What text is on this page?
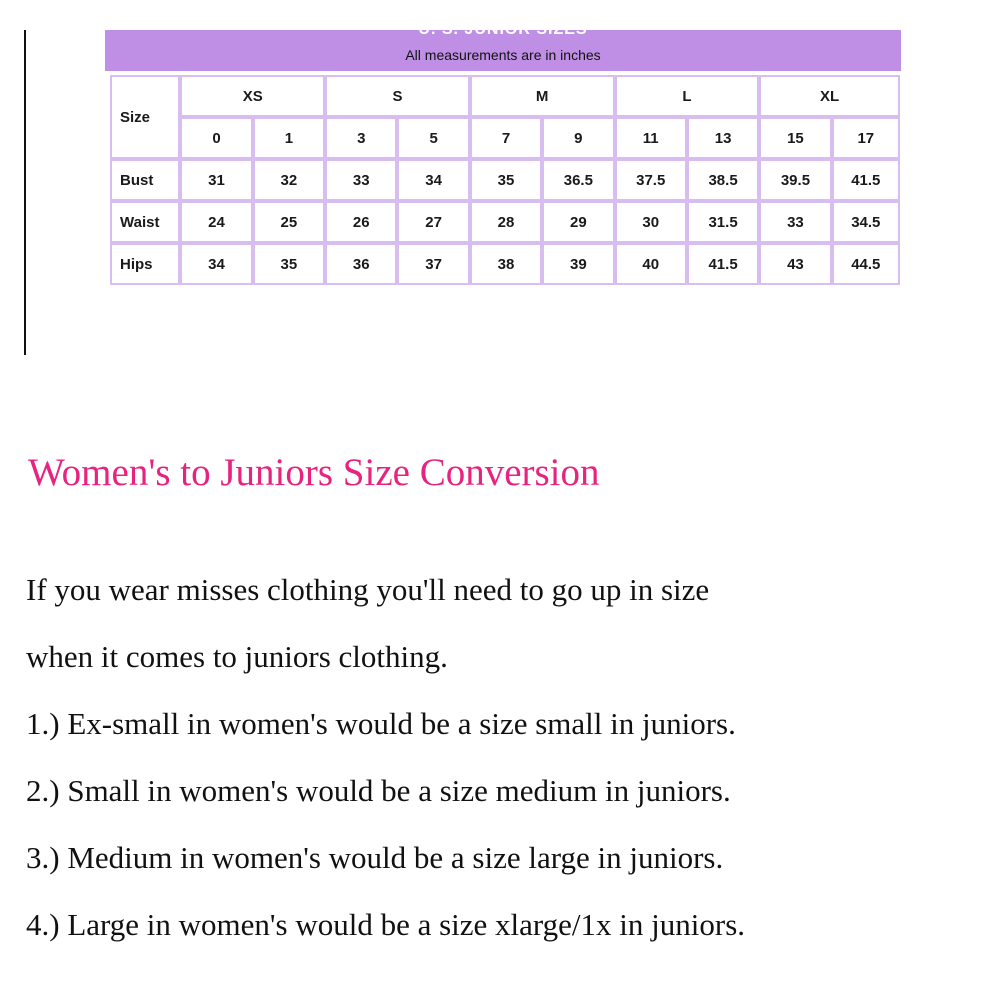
U. S. JUNIOR SIZES
All measurements are in inches
Size	XS		S		M		L		XL	
	0	1	3	5	7	9	11	13	15	17
Bust	31	32	33	34	35	36.5	37.5	38.5	39.5	41.5
Waist	24	25	26	27	28	29	30	31.5	33	34.5
Hips	34	35	36	37	38	39	40	41.5	43	44.5
Women's to Juniors Size Conversion

If you wear misses clothing you'll need to go up in size

when it comes to juniors clothing.

1.) Ex-small in women's would be a size small in juniors.

2.) Small in women's would be a size medium in juniors.

3.) Medium in women's would be a size large in juniors.

4.) Large in women's would be a size xlarge/1x in juniors.
